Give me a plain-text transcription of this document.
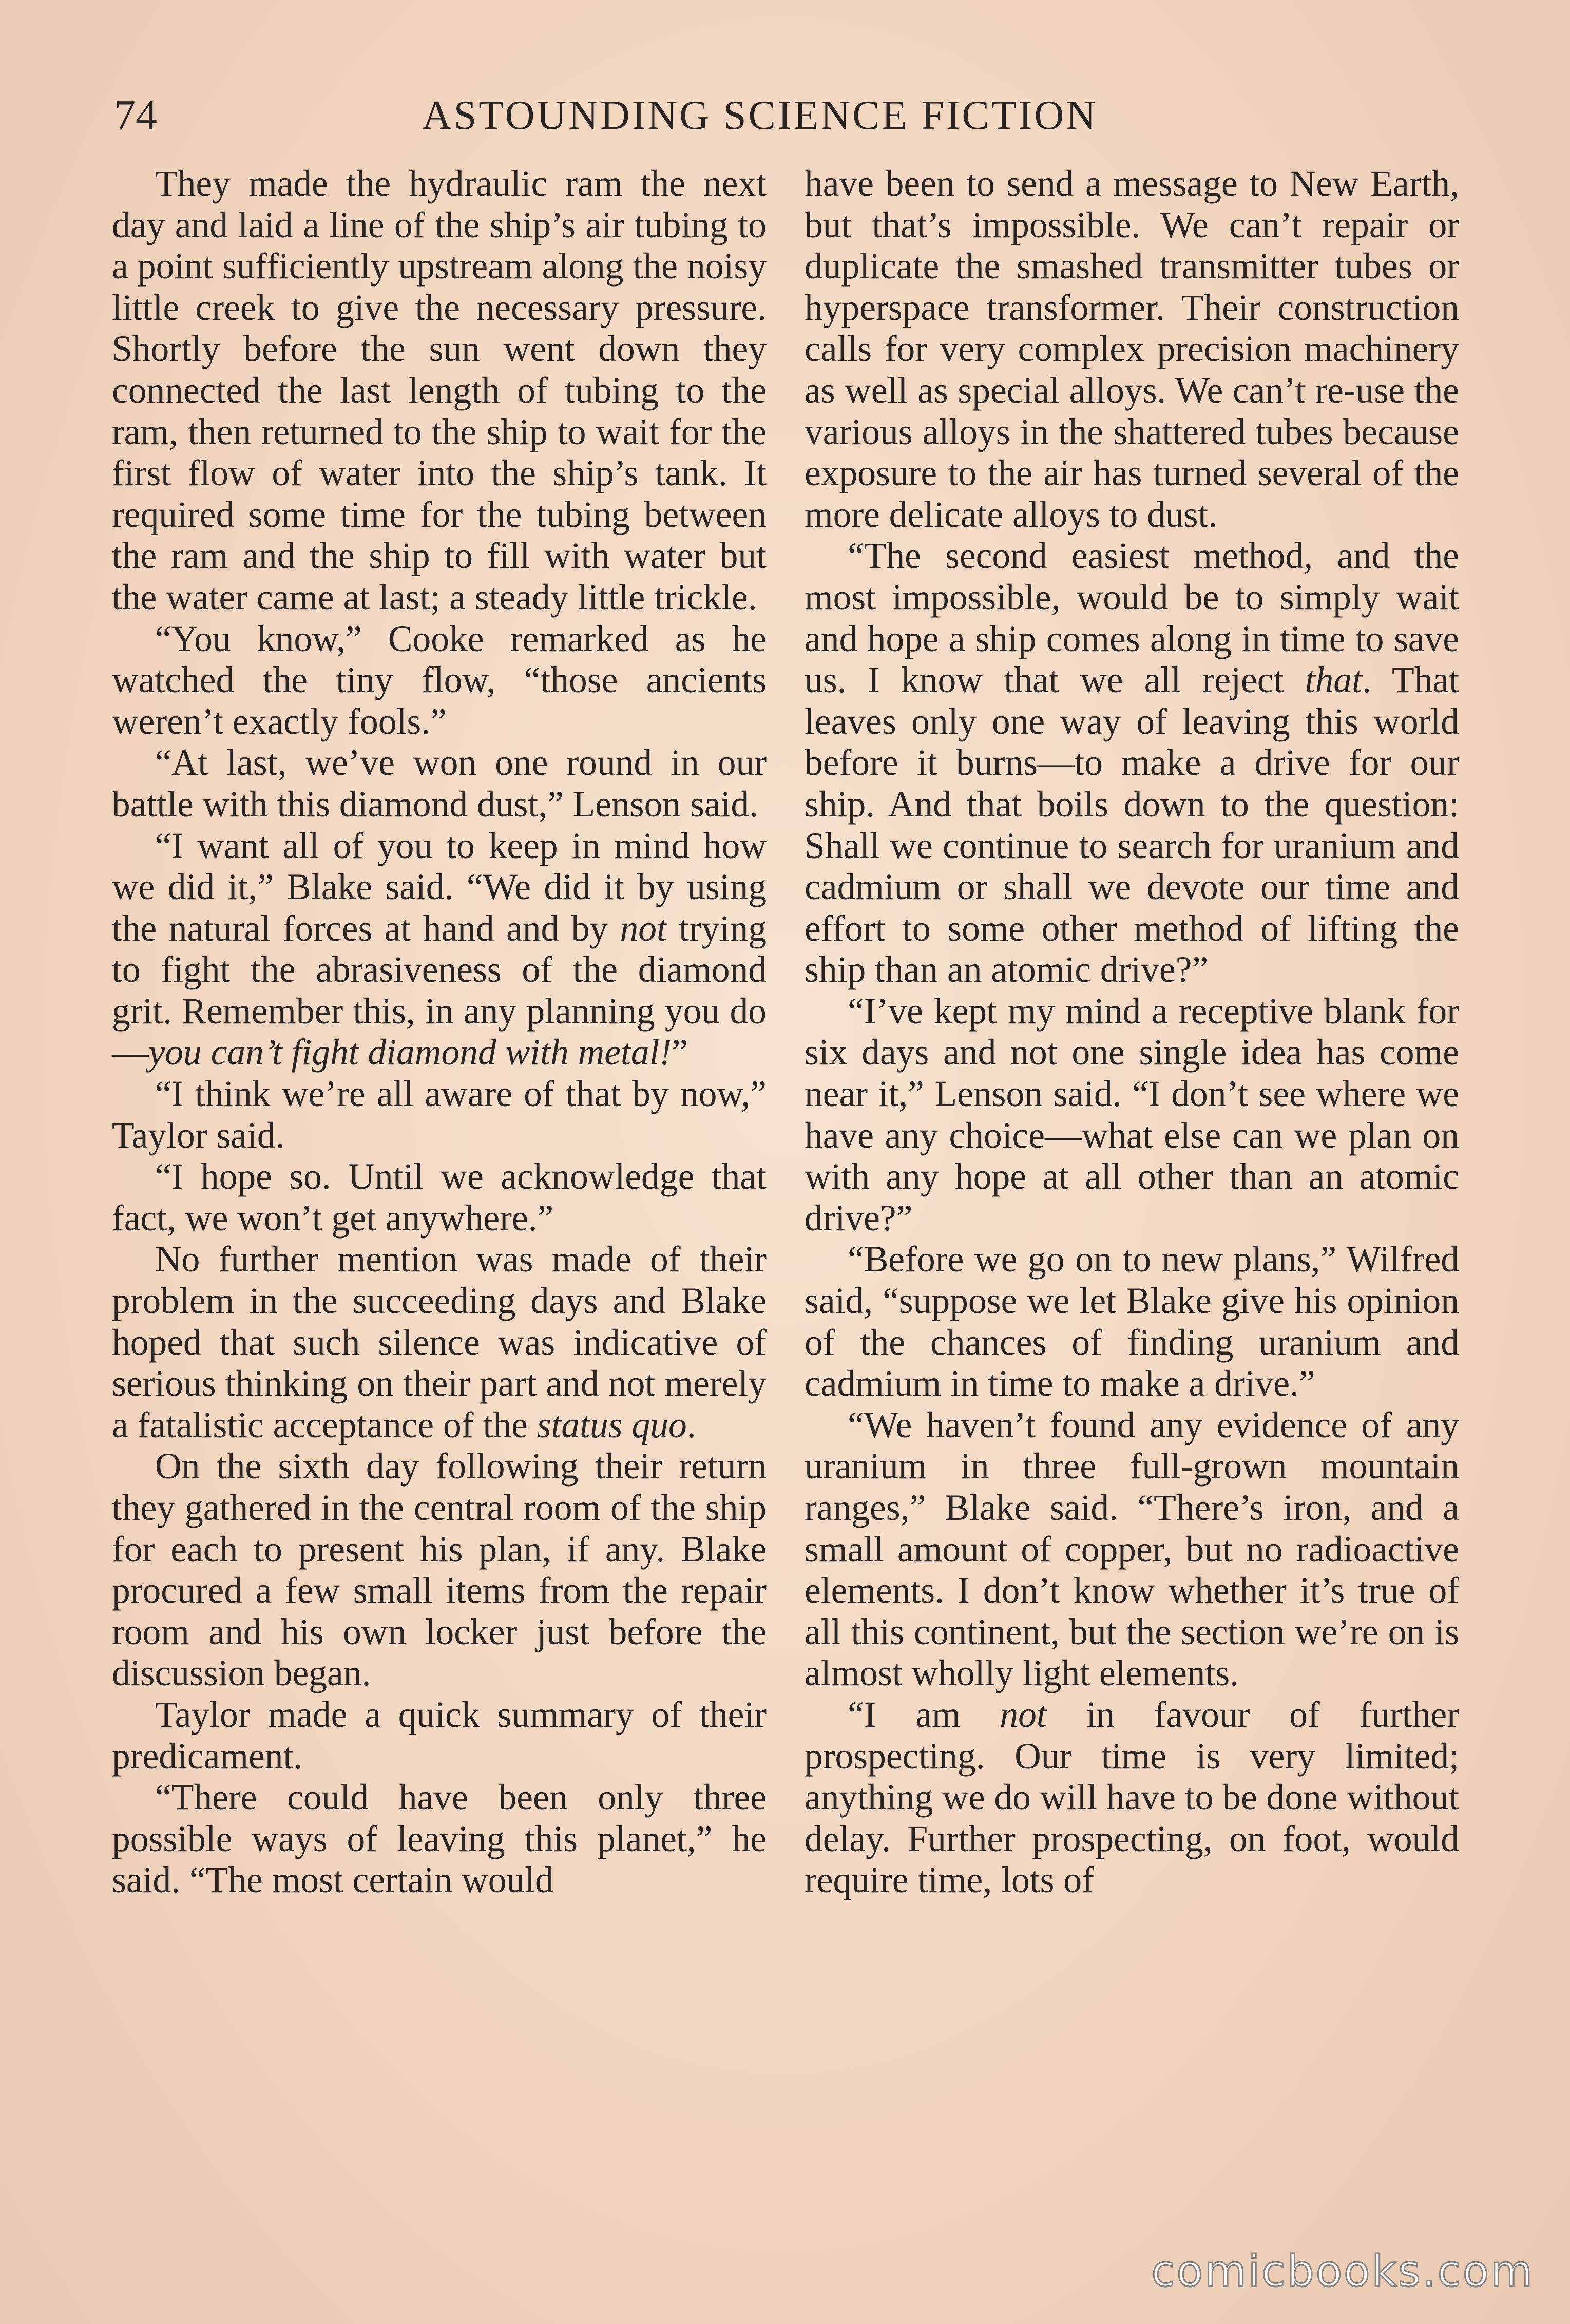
74	ASTOUNDING SCIENCE FICTION

They made the hydraulic ram the next day and laid a line of the ship’s air tubing to a point sufficiently upstream along the noisy little creek to give the necessary pressure. Shortly before the sun went down they connected the last length of tubing to the ram, then returned to the ship to wait for the first flow of water into the ship’s tank. It required some time for the tubing between the ram and the ship to fill with water but the water came at last; a steady little trickle.

“You know,” Cooke remarked as he watched the tiny flow, “those ancients weren’t exactly fools.”

“At last, we’ve won one round in our battle with this diamond dust,” Lenson said.

“I want all of you to keep in mind how we did it,” Blake said. “We did it by using the natural forces at hand and by not trying to fight the abrasiveness of the diamond grit. Remember this, in any planning you do—you can’t fight diamond with metal!”

“I think we’re all aware of that by now,” Taylor said.

“I hope so. Until we acknowledge that fact, we won’t get anywhere.”

No further mention was made of their problem in the succeeding days and Blake hoped that such silence was indicative of serious thinking on their part and not merely a fatalistic acceptance of the status quo.

On the sixth day following their return they gathered in the central room of the ship for each to present his plan, if any. Blake procured a few small items from the repair room and his own locker just before the discussion began.

Taylor made a quick summary of their predicament.

“There could have been only three possible ways of leaving this planet,” he said. “The most certain would

have been to send a message to New Earth, but that’s impossible. We can’t repair or duplicate the smashed transmitter tubes or hyperspace transformer. Their construction calls for very complex precision machinery as well as special alloys. We can’t re-use the various alloys in the shattered tubes because exposure to the air has turned several of the more delicate alloys to dust.

“The second easiest method, and the most impossible, would be to simply wait and hope a ship comes along in time to save us. I know that we all reject that. That leaves only one way of leaving this world before it burns—to make a drive for our ship. And that boils down to the question: Shall we continue to search for uranium and cadmium or shall we devote our time and effort to some other method of lifting the ship than an atomic drive?”

“I’ve kept my mind a receptive blank for six days and not one single idea has come near it,” Lenson said. “I don’t see where we have any choice—what else can we plan on with any hope at all other than an atomic drive?”

“Before we go on to new plans,” Wilfred said, “suppose we let Blake give his opinion of the chances of finding uranium and cadmium in time to make a drive.”

“We haven’t found any evidence of any uranium in three full-grown mountain ranges,” Blake said. “There’s iron, and a small amount of copper, but no radioactive elements. I don’t know whether it’s true of all this continent, but the section we’re on is almost wholly light elements.

“I am not in favour of further prospecting. Our time is very limited; anything we do will have to be done without delay. Further prospecting, on foot, would require time, lots of

comicbooks.com
